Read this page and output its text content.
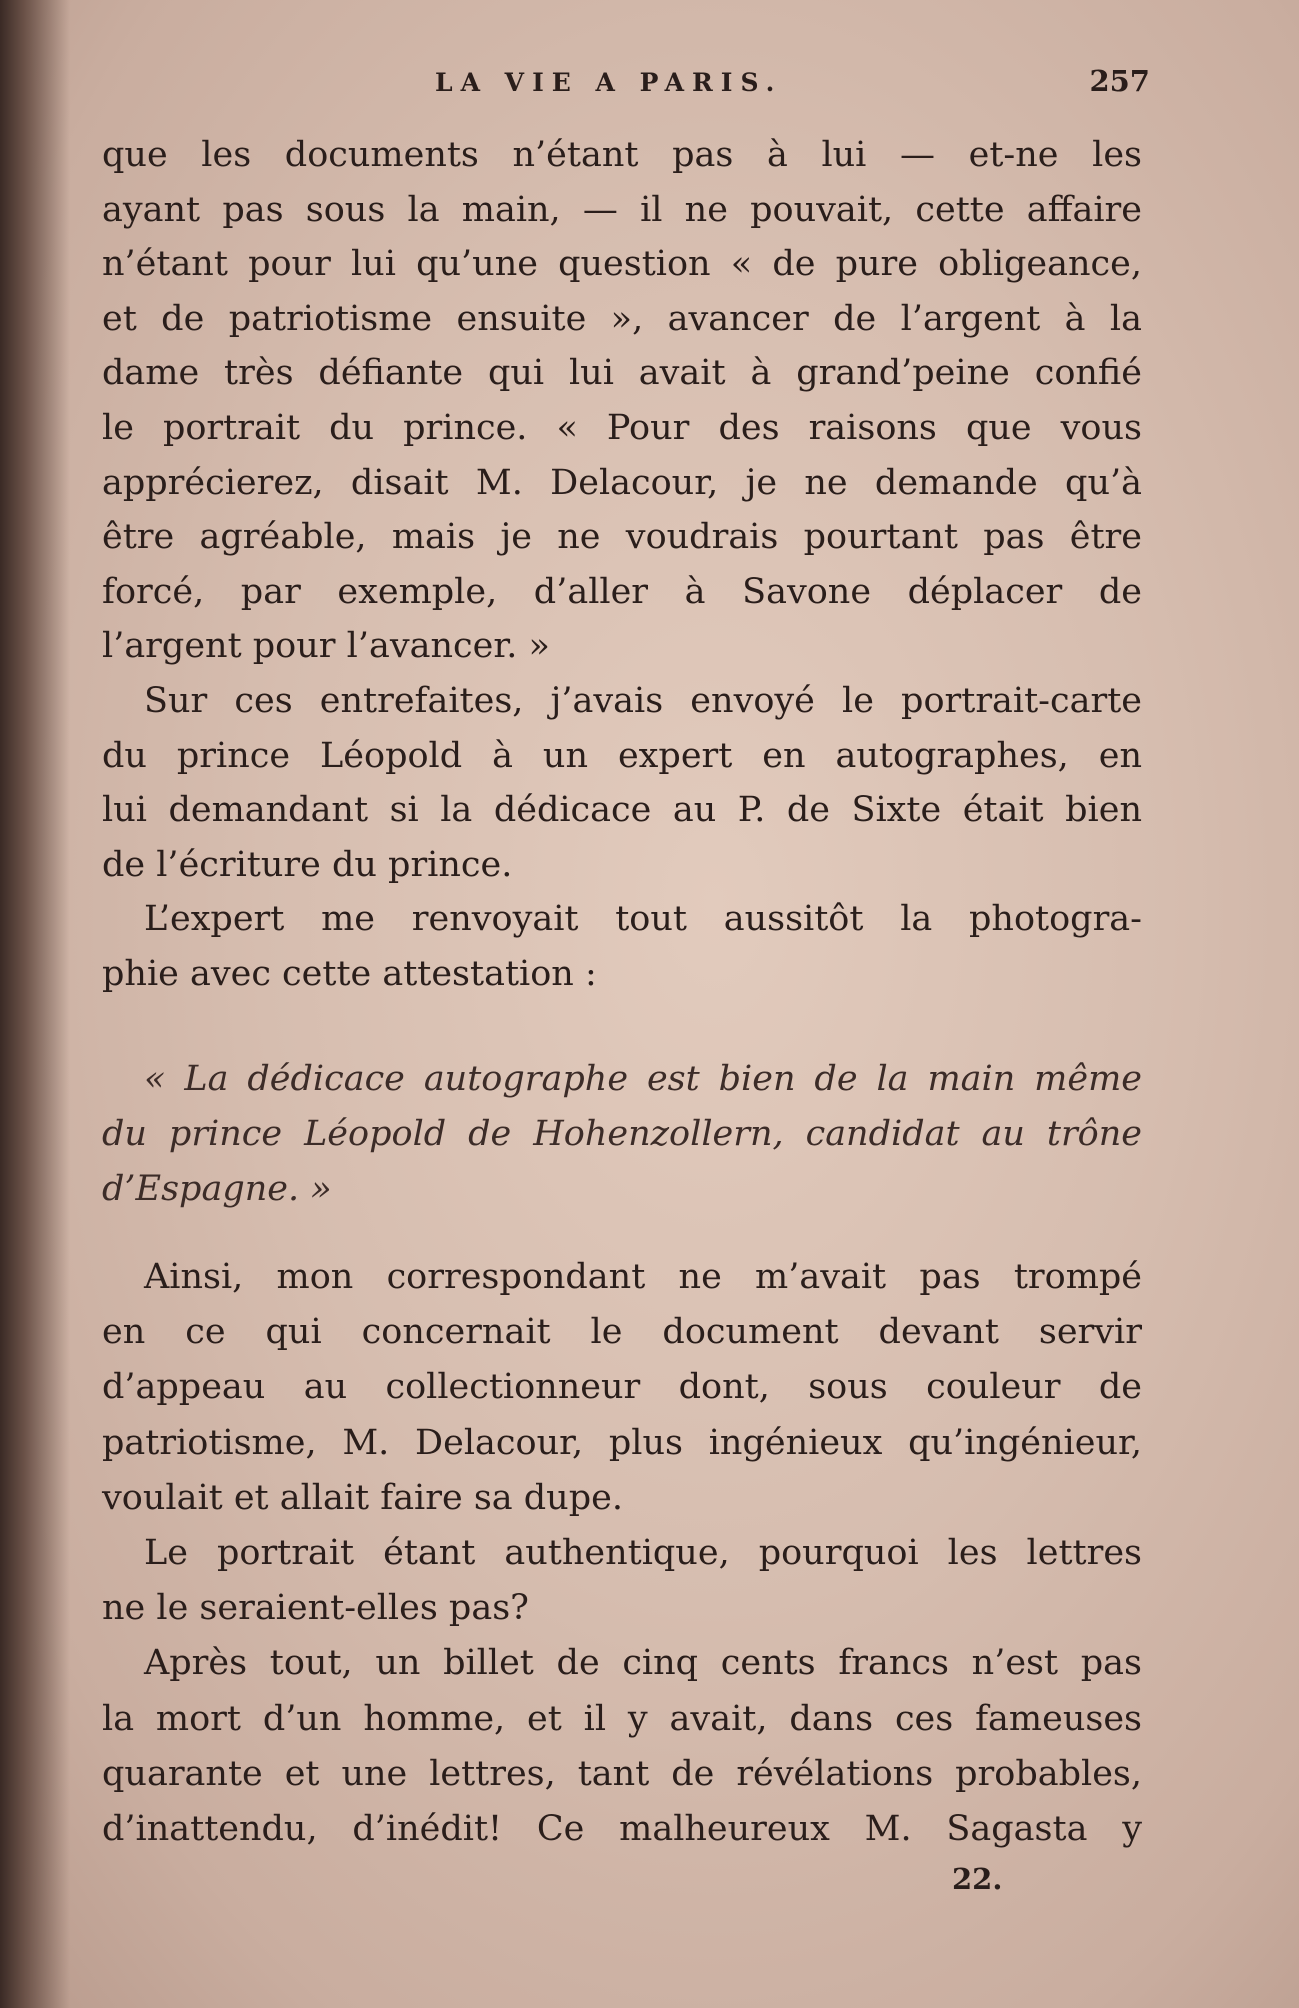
LA VIE A PARIS.	257
que les documents n’étant pas à lui — et-ne les
ayant pas sous la main, — il ne pouvait, cette affaire
n’étant pour lui qu’une question « de pure obligeance,
et de patriotisme ensuite », avancer de l’argent à la
dame très défiante qui lui avait à grand’peine confié
le portrait du prince. « Pour des raisons que vous
apprécierez, disait M. Delacour, je ne demande qu’à
être agréable, mais je ne voudrais pourtant pas être
forcé, par exemple, d’aller à Savone déplacer de
l’argent pour l’avancer. »
Sur ces entrefaites, j’avais envoyé le portrait-carte
du prince Léopold à un expert en autographes, en
lui demandant si la dédicace au P. de Sixte était bien
de l’écriture du prince.
L’expert me renvoyait tout aussitôt la photogra-
phie avec cette attestation :
« La dédicace autographe est bien de la main même
du prince Léopold de Hohenzollern, candidat au trône
d’Espagne. »
Ainsi, mon correspondant ne m’avait pas trompé
en ce qui concernait le document devant servir
d’appeau au collectionneur dont, sous couleur de
patriotisme, M. Delacour, plus ingénieux qu’ingénieur,
voulait et allait faire sa dupe.
Le portrait étant authentique, pourquoi les lettres
ne le seraient-elles pas?
Après tout, un billet de cinq cents francs n’est pas
la mort d’un homme, et il y avait, dans ces fameuses
quarante et une lettres, tant de révélations probables,
d’inattendu, d’inédit! Ce malheureux M. Sagasta y
22.
